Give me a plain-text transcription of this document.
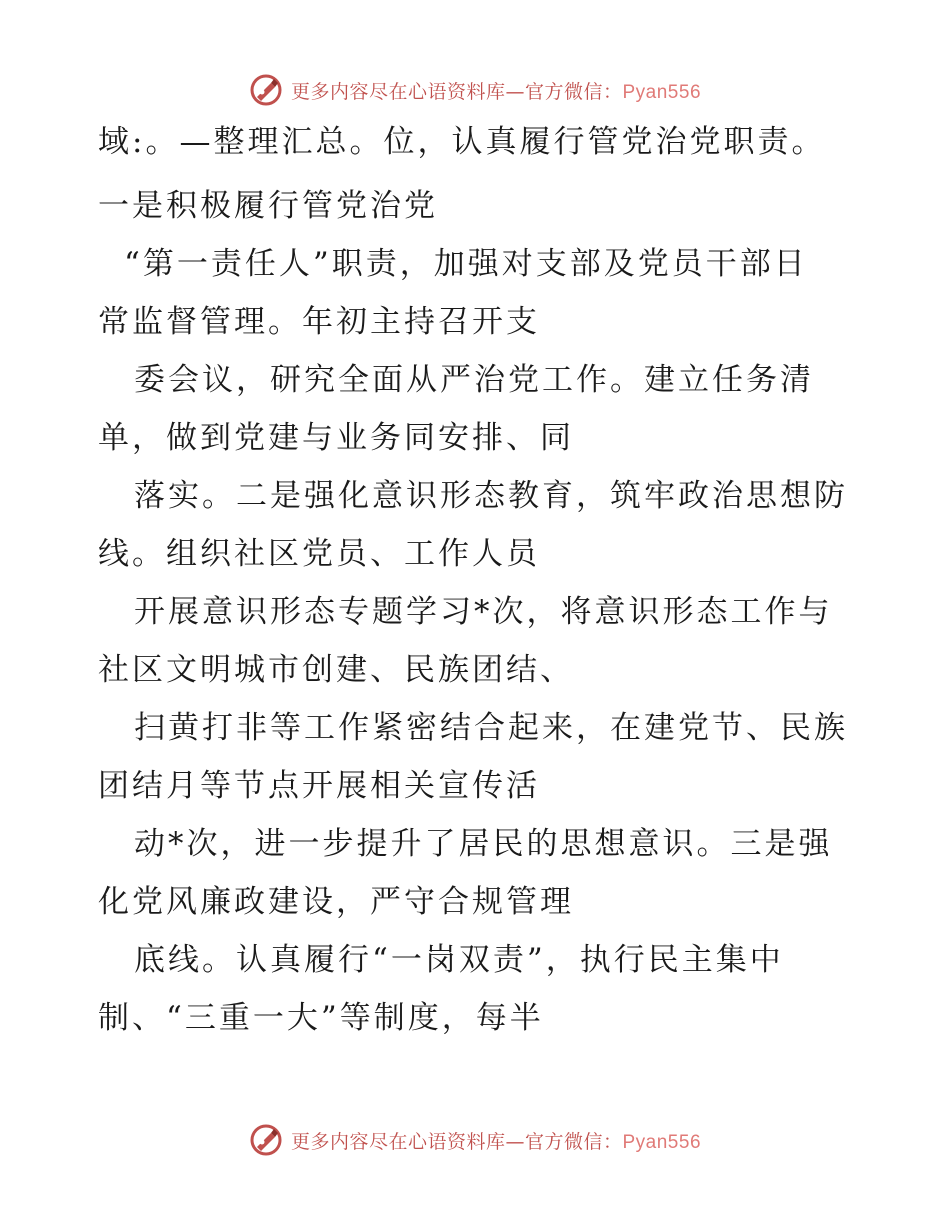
更多内容尽在心语资料库—官方微信：Pyan556
域:。—整理汇总。位，认真履行管党治党职责。
一是积极履行管党治党
“第一责任人”职责，加强对支部及党员干部日
常监督管理。年初主持召开支
委会议，研究全面从严治党工作。建立任务清
单，做到党建与业务同安排、同
落实。二是强化意识形态教育，筑牢政治思想防
线。组织社区党员、工作人员
开展意识形态专题学习*次，将意识形态工作与
社区文明城市创建、民族团结、
扫黄打非等工作紧密结合起来，在建党节、民族
团结月等节点开展相关宣传活
动*次，进一步提升了居民的思想意识。三是强
化党风廉政建设，严守合规管理
底线。认真履行“一岗双责”，执行民主集中
制、“三重一大”等制度，每半
更多内容尽在心语资料库—官方微信：Pyan556
